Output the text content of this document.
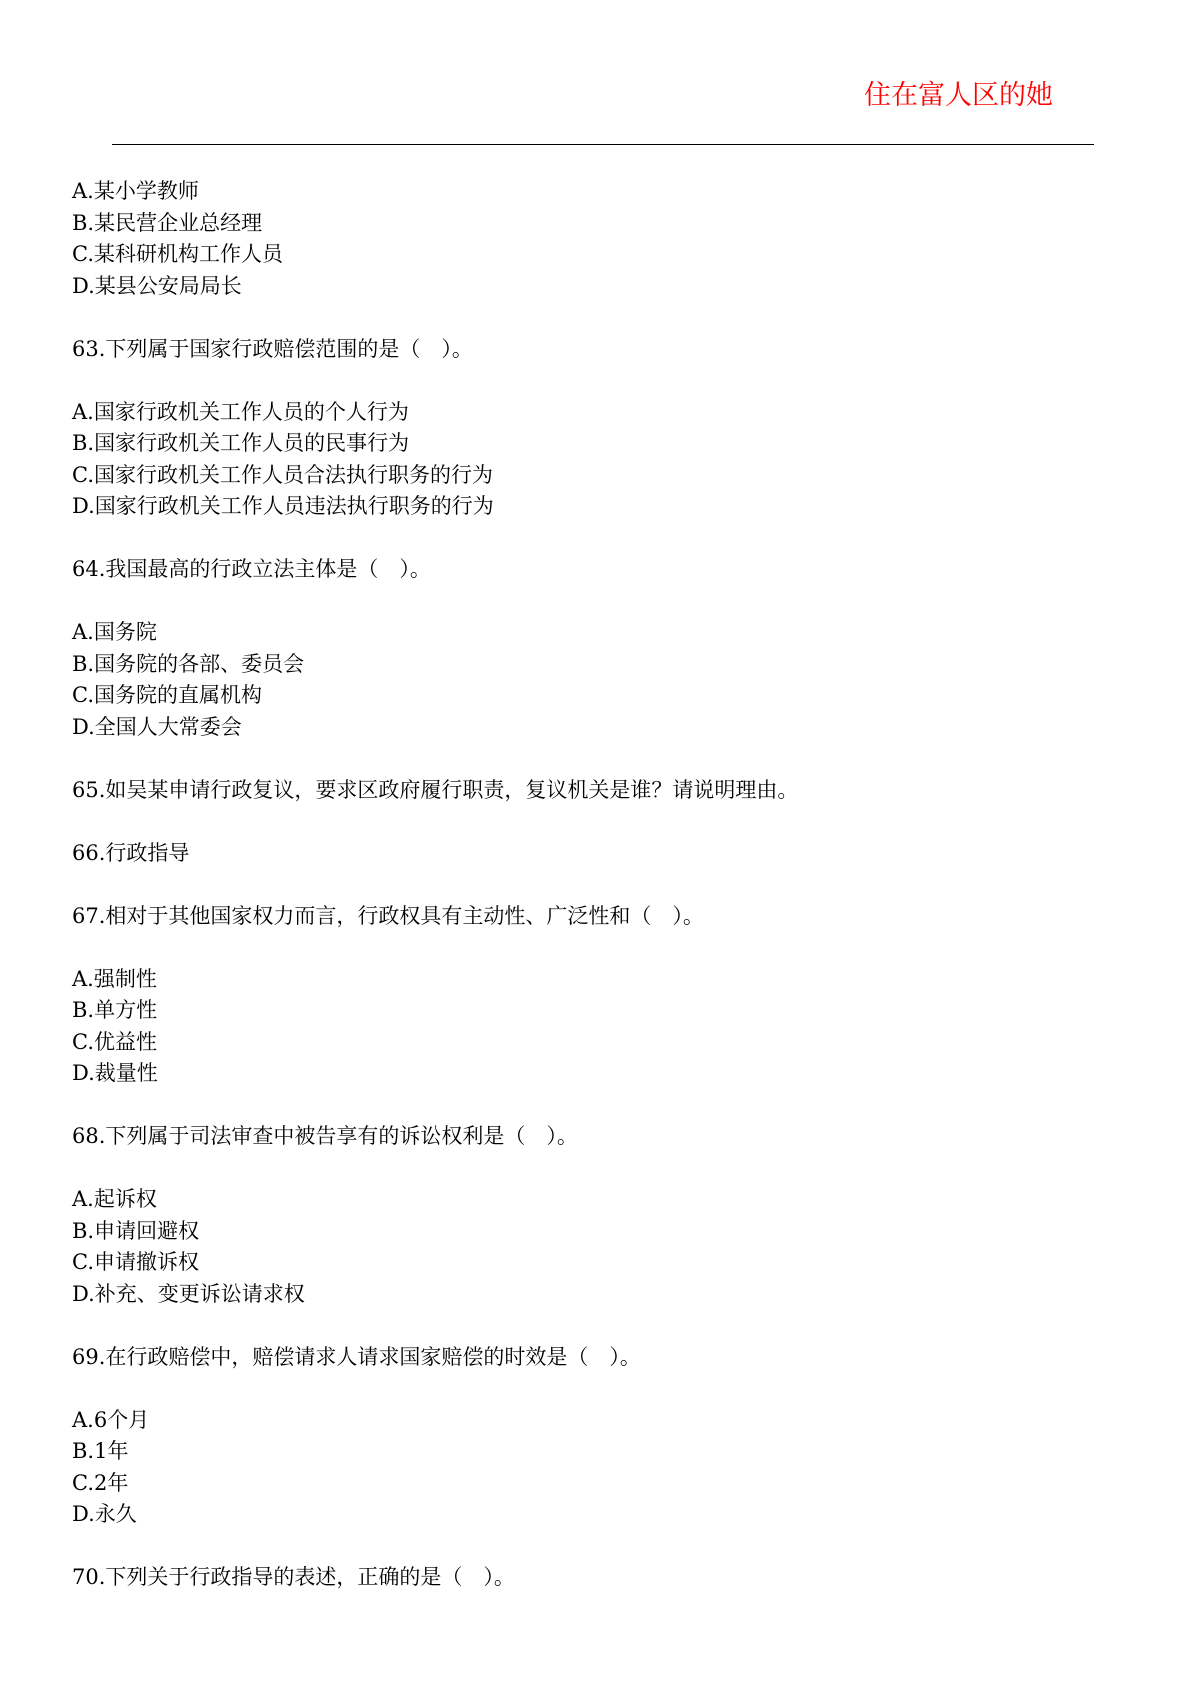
住在富人区的她
A.某小学教师
B.某民营企业总经理
C.某科研机构工作人员
D.某县公安局局长
63.下列属于国家行政赔偿范围的是（　）。
A.国家行政机关工作人员的个人行为
B.国家行政机关工作人员的民事行为
C.国家行政机关工作人员合法执行职务的行为
D.国家行政机关工作人员违法执行职务的行为
64.我国最高的行政立法主体是（　）。
A.国务院
B.国务院的各部、委员会
C.国务院的直属机构
D.全国人大常委会
65.如吴某申请行政复议，要求区政府履行职责，复议机关是谁？请说明理由。
66.行政指导
67.相对于其他国家权力而言，行政权具有主动性、广泛性和（　）。
A.强制性
B.单方性
C.优益性
D.裁量性
68.下列属于司法审查中被告享有的诉讼权利是（　）。
A.起诉权
B.申请回避权
C.申请撤诉权
D.补充、变更诉讼请求权
69.在行政赔偿中，赔偿请求人请求国家赔偿的时效是（　）。
A.6个月
B.1年
C.2年
D.永久
70.下列关于行政指导的表述，正确的是（　）。
